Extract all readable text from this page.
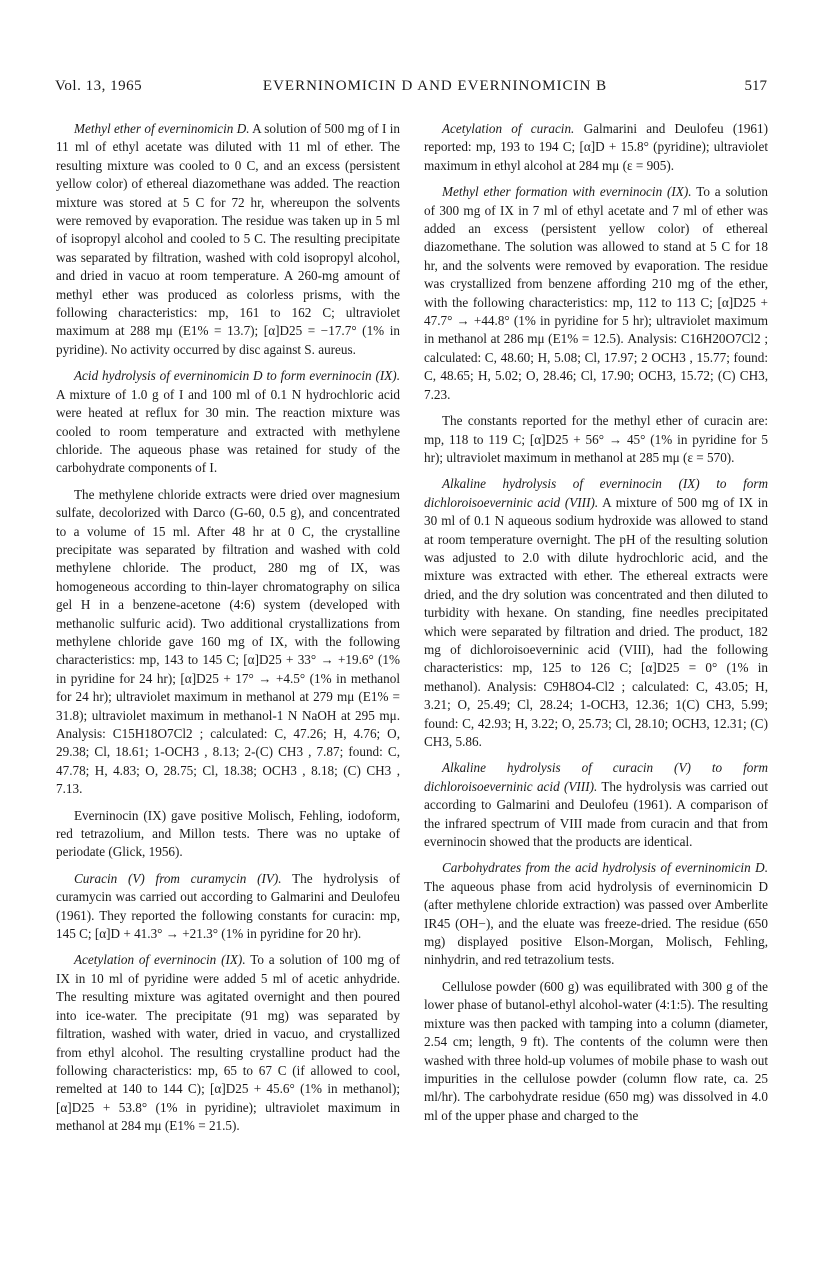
Vol. 13, 1965	EVERNINOMICIN D AND EVERNINOMICIN B	517

Methyl ether of everninomicin D. A solution of 500 mg of I in 11 ml of ethyl acetate was diluted with 11 ml of ether. The resulting mixture was cooled to 0 C, and an excess (persistent yellow color) of ethereal diazomethane was added. The reaction mixture was stored at 5 C for 72 hr, whereupon the solvents were removed by evaporation. The residue was taken up in 5 ml of isopropyl alcohol and cooled to 5 C. The resulting precipitate was separated by filtration, washed with cold isopropyl alcohol, and dried in vacuo at room temperature. A 260-mg amount of methyl ether was produced as colorless prisms, with the following characteristics: mp, 161 to 162 C; ultraviolet maximum at 288 mμ (E1% = 13.7); [α]D25 = −17.7° (1% in pyridine). No activity occurred by disc against S. aureus.

Acid hydrolysis of everninomicin D to form everninocin (IX). A mixture of 1.0 g of I and 100 ml of 0.1 N hydrochloric acid were heated at reflux for 30 min. The reaction mixture was cooled to room temperature and extracted with methylene chloride. The aqueous phase was retained for study of the carbohydrate components of I.

The methylene chloride extracts were dried over magnesium sulfate, decolorized with Darco (G-60, 0.5 g), and concentrated to a volume of 15 ml. After 48 hr at 0 C, the crystalline precipitate was separated by filtration and washed with cold methylene chloride. The product, 280 mg of IX, was homogeneous according to thin-layer chromatography on silica gel H in a benzene-acetone (4:6) system (developed with methanolic sulfuric acid). Two additional crystallizations from methylene chloride gave 160 mg of IX, with the following characteristics: mp, 143 to 145 C; [α]D25 + 33° → +19.6° (1% in pyridine for 24 hr); [α]D25 + 17° → +4.5° (1% in methanol for 24 hr); ultraviolet maximum in methanol at 279 mμ (E1% = 31.8); ultraviolet maximum in methanol-1 N NaOH at 295 mμ. Analysis: C15H18O7Cl2 ; calculated: C, 47.26; H, 4.76; O, 29.38; Cl, 18.61; 1-OCH3 , 8.13; 2-(C) CH3 , 7.87; found: C, 47.78; H, 4.83; O, 28.75; Cl, 18.38; OCH3 , 8.18; (C) CH3 , 7.13.

Everninocin (IX) gave positive Molisch, Fehling, iodoform, red tetrazolium, and Millon tests. There was no uptake of periodate (Glick, 1956).

Curacin (V) from curamycin (IV). The hydrolysis of curamycin was carried out according to Galmarini and Deulofeu (1961). They reported the following constants for curacin: mp, 145 C; [α]D + 41.3° → +21.3° (1% in pyridine for 20 hr).

Acetylation of everninocin (IX). To a solution of 100 mg of IX in 10 ml of pyridine were added 5 ml of acetic anhydride. The resulting mixture was agitated overnight and then poured into ice-water. The precipitate (91 mg) was separated by filtration, washed with water, dried in vacuo, and crystallized from ethyl alcohol. The resulting crystalline product had the following characteristics: mp, 65 to 67 C (if allowed to cool, remelted at 140 to 144 C); [α]D25 + 45.6° (1% in methanol); [α]D25 + 53.8° (1% in pyridine); ultraviolet maximum in methanol at 284 mμ (E1% = 21.5).

Acetylation of curacin. Galmarini and Deulofeu (1961) reported: mp, 193 to 194 C; [α]D + 15.8° (pyridine); ultraviolet maximum in ethyl alcohol at 284 mμ (ε = 905).

Methyl ether formation with everninocin (IX). To a solution of 300 mg of IX in 7 ml of ethyl acetate and 7 ml of ether was added an excess (persistent yellow color) of ethereal diazomethane. The solution was allowed to stand at 5 C for 18 hr, and the solvents were removed by evaporation. The residue was crystallized from benzene affording 210 mg of the ether, with the following characteristics: mp, 112 to 113 C; [α]D25 + 47.7° → +44.8° (1% in pyridine for 5 hr); ultraviolet maximum in methanol at 286 mμ (E1% = 12.5). Analysis: C16H20O7Cl2 ; calculated: C, 48.60; H, 5.08; Cl, 17.97; 2 OCH3 , 15.77; found: C, 48.65; H, 5.02; O, 28.46; Cl, 17.90; OCH3, 15.72; (C) CH3, 7.23.

The constants reported for the methyl ether of curacin are: mp, 118 to 119 C; [α]D25 + 56° → 45° (1% in pyridine for 5 hr); ultraviolet maximum in methanol at 285 mμ (ε = 570).

Alkaline hydrolysis of everninocin (IX) to form dichloroisoeverninic acid (VIII). A mixture of 500 mg of IX in 30 ml of 0.1 N aqueous sodium hydroxide was allowed to stand at room temperature overnight. The pH of the resulting solution was adjusted to 2.0 with dilute hydrochloric acid, and the mixture was extracted with ether. The ethereal extracts were dried, and the dry solution was concentrated and then diluted to turbidity with hexane. On standing, fine needles precipitated which were separated by filtration and dried. The product, 182 mg of dichloroisoeverninic acid (VIII), had the following characteristics: mp, 125 to 126 C; [α]D25 = 0° (1% in methanol). Analysis: C9H8O4-Cl2 ; calculated: C, 43.05; H, 3.21; O, 25.49; Cl, 28.24; 1-OCH3, 12.36; 1(C) CH3, 5.99; found: C, 42.93; H, 3.22; O, 25.73; Cl, 28.10; OCH3, 12.31; (C) CH3, 5.86.

Alkaline hydrolysis of curacin (V) to form dichloroisoeverninic acid (VIII). The hydrolysis was carried out according to Galmarini and Deulofeu (1961). A comparison of the infrared spectrum of VIII made from curacin and that from everninocin showed that the products are identical.

Carbohydrates from the acid hydrolysis of everninomicin D. The aqueous phase from acid hydrolysis of everninomicin D (after methylene chloride extraction) was passed over Amberlite IR45 (OH−), and the eluate was freeze-dried. The residue (650 mg) displayed positive Elson-Morgan, Molisch, Fehling, ninhydrin, and red tetrazolium tests.

Cellulose powder (600 g) was equilibrated with 300 g of the lower phase of butanol-ethyl alcohol-water (4:1:5). The resulting mixture was then packed with tamping into a column (diameter, 2.54 cm; length, 9 ft). The contents of the column were then washed with three hold-up volumes of mobile phase to wash out impurities in the cellulose powder (column flow rate, ca. 25 ml/hr). The carbohydrate residue (650 mg) was dissolved in 4.0 ml of the upper phase and charged to the
